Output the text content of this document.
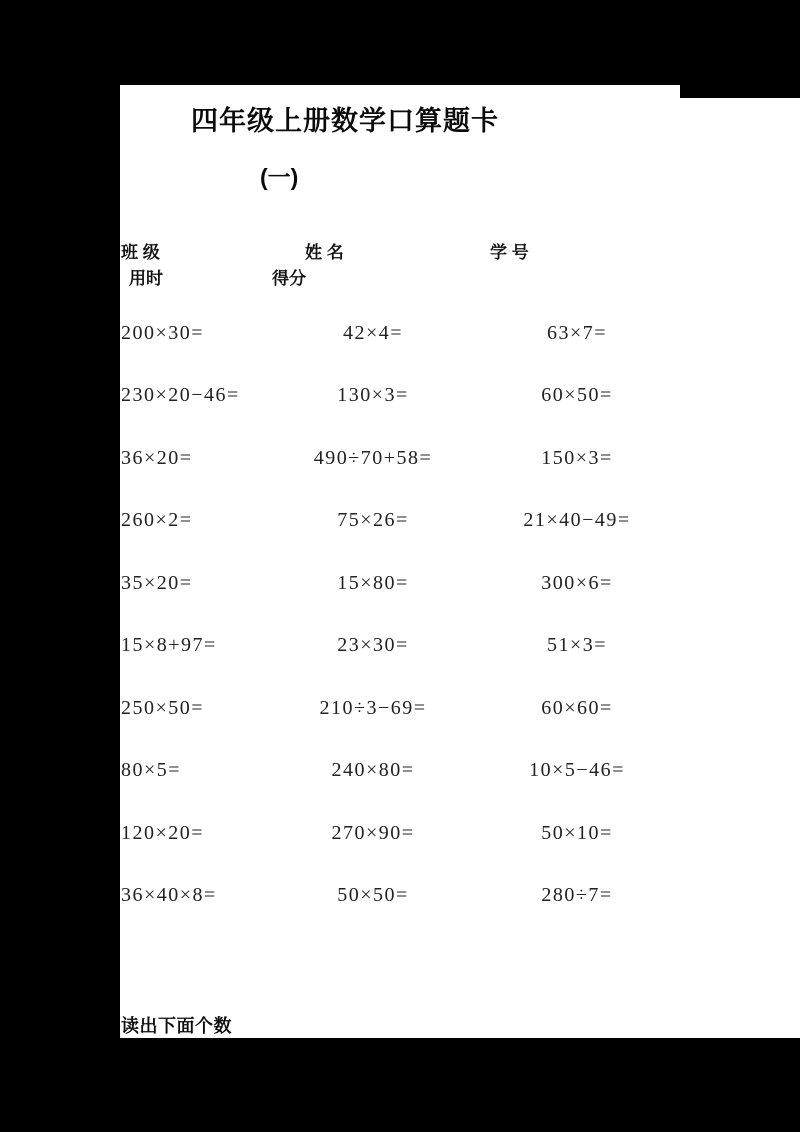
四年级上册数学口算题卡
(一)
班 级	姓 名	学 号
用时	得分
200×30=	42×4=	63×7=
230×20−46=	130×3=	60×50=
36×20=	490÷70+58=	150×3=
260×2=	75×26=	21×40−49=
35×20=	15×80=	300×6=
15×8+97=	23×30=	51×3=
250×50=	210÷3−69=	60×60=
80×5=	240×80=	10×5−46=
120×20=	270×90=	50×10=
36×40×8=	50×50=	280÷7=
读出下面个数
